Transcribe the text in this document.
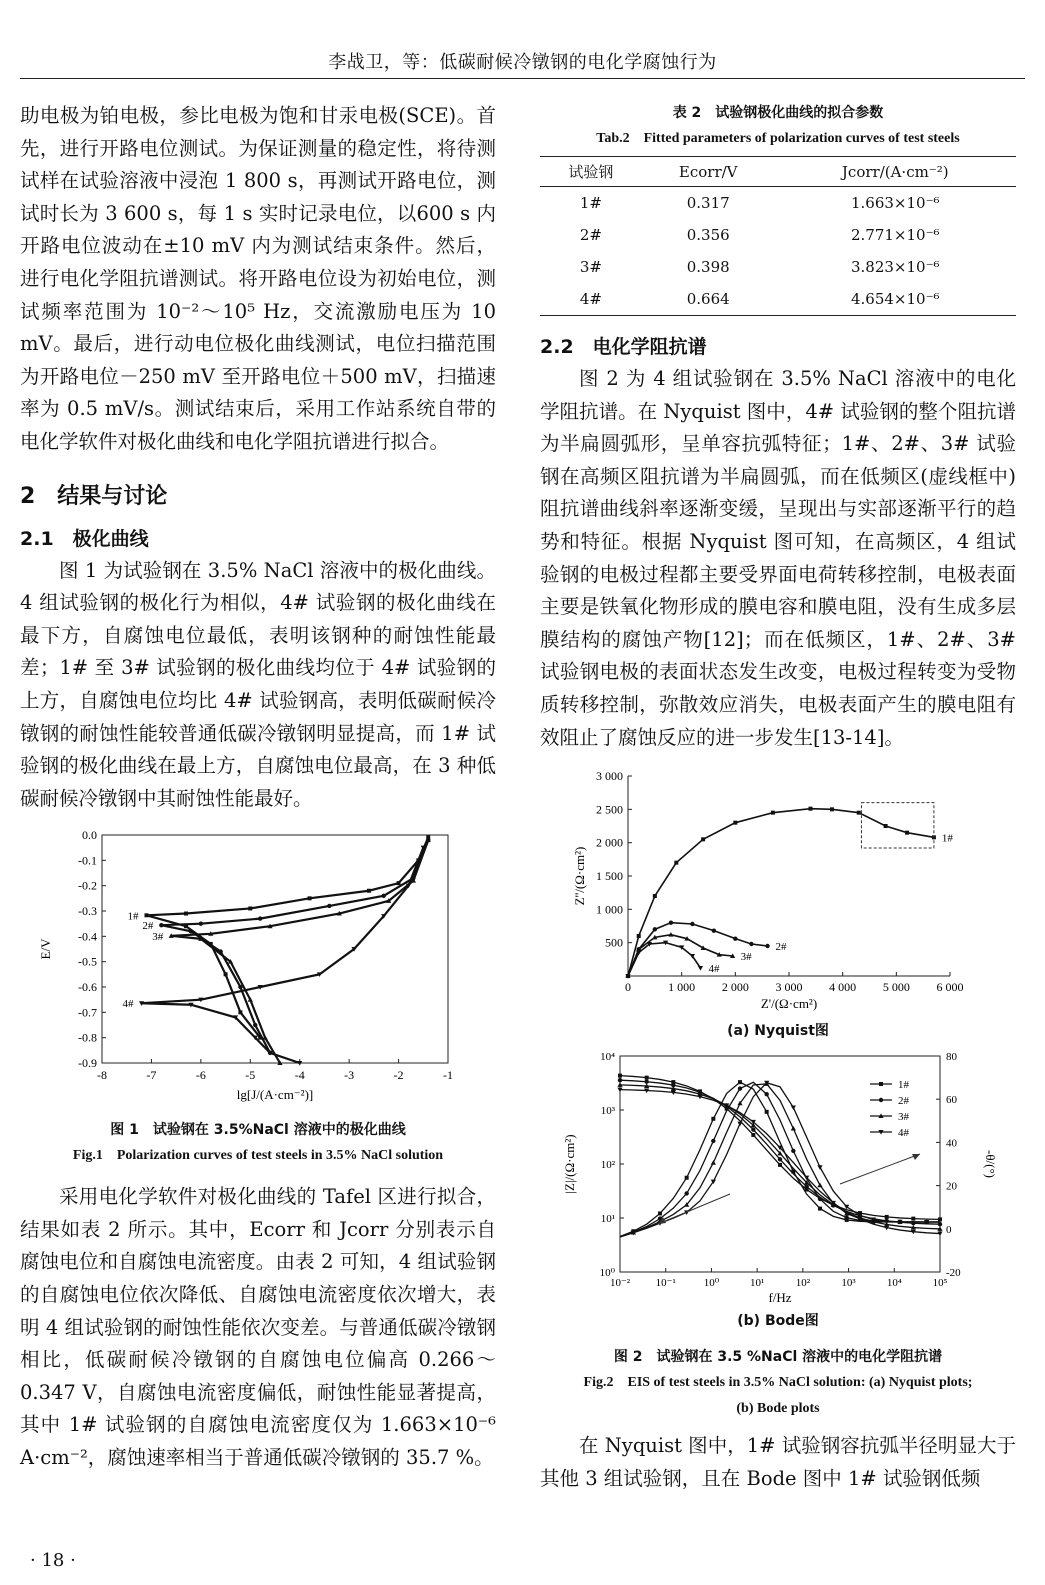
李战卫，等：低碳耐候冷镦钢的电化学腐蚀行为

助电极为铂电极，参比电极为饱和甘汞电极(SCE)。首先，进行开路电位测试。为保证测量的稳定性，将待测试样在试验溶液中浸泡 1 800 s，再测试开路电位，测试时长为 3 600 s，每 1 s 实时记录电位，以600 s 内开路电位波动在±10 mV 内为测试结束条件。然后，进行电化学阻抗谱测试。将开路电位设为初始电位，测试频率范围为 10⁻²～10⁵ Hz，交流激励电压为 10 mV。最后，进行动电位极化曲线测试，电位扫描范围为开路电位－250 mV 至开路电位＋500 mV，扫描速率为 0.5 mV/s。测试结束后，采用工作站系统自带的电化学软件对极化曲线和电化学阻抗谱进行拟合。

2　结果与讨论
2.1　极化曲线

图 1 为试验钢在 3.5% NaCl 溶液中的极化曲线。4 组试验钢的极化行为相似，4# 试验钢的极化曲线在最下方，自腐蚀电位最低，表明该钢种的耐蚀性能最差；1# 至 3# 试验钢的极化曲线均位于 4# 试验钢的上方，自腐蚀电位均比 4# 试验钢高，表明低碳耐候冷镦钢的耐蚀性能较普通低碳冷镦钢明显提高，而 1# 试验钢的极化曲线在最上方，自腐蚀电位最高，在 3 种低碳耐候冷镦钢中其耐蚀性能最好。

-8	-7	-6	-5	-4	-3	-2	-1
0.0
-0.1
-0.2
-0.3
-0.4
-0.5
-0.6
-0.7
-0.8
-0.9
lg[J/(A·cm⁻²)]
E/V
1#
2#
3#
4#
图 1　试验钢在 3.5%NaCl 溶液中的极化曲线
Fig.1　Polarization curves of test steels in 3.5% NaCl solution

采用电化学软件对极化曲线的 Tafel 区进行拟合，结果如表 2 所示。其中，Ecorr 和 Jcorr 分别表示自腐蚀电位和自腐蚀电流密度。由表 2 可知，4 组试验钢的自腐蚀电位依次降低、自腐蚀电流密度依次增大，表明 4 组试验钢的耐蚀性能依次变差。与普通低碳冷镦钢相比，低碳耐候冷镦钢的自腐蚀电位偏高 0.266～0.347 V，自腐蚀电流密度偏低，耐蚀性能显著提高，其中 1# 试验钢的自腐蚀电流密度仅为 1.663×10⁻⁶ A·cm⁻²，腐蚀速率相当于普通低碳冷镦钢的 35.7 %。

表 2　试验钢极化曲线的拟合参数
Tab.2　Fitted parameters of polarization curves of test steels
试验钢	Ecorr/V	Jcorr/(A·cm⁻²)
1#	0.317	1.663×10⁻⁶
2#	0.356	2.771×10⁻⁶
3#	0.398	3.823×10⁻⁶
4#	0.664	4.654×10⁻⁶
2.2　电化学阻抗谱

图 2 为 4 组试验钢在 3.5% NaCl 溶液中的电化学阻抗谱。在 Nyquist 图中，4# 试验钢的整个阻抗谱为半扁圆弧形，呈单容抗弧特征；1#、2#、3# 试验钢在高频区阻抗谱为半扁圆弧，而在低频区(虚线框中)阻抗谱曲线斜率逐渐变缓，呈现出与实部逐渐平行的趋势和特征。根据 Nyquist 图可知，在高频区，4 组试验钢的电极过程都主要受界面电荷转移控制，电极表面主要是铁氧化物形成的膜电容和膜电阻，没有生成多层膜结构的腐蚀产物[12]；而在低频区，1#、2#、3# 试验钢电极的表面状态发生改变，电极过程转变为受物质转移控制，弥散效应消失，电极表面产生的膜电阻有效阻止了腐蚀反应的进一步发生[13-14]。

0	1 000 2 000 3 000 4 000 5 000 6 000
500
1 000
1 500
2 000
2 500
3 000
Z'/(Ω·cm²)
Z''/(Ω·cm²)
1#
2#
3#
4#
(a) Nyquist图
10⁻² 10⁻¹	10⁰	10¹	10²	10³	10⁴	10⁵
10⁰
10¹
10²
10³
10⁴
-20
0
20
40
60
80
f/Hz
|Z|/(Ω·cm²)	-θ/(°)
1#
2#
3#
4#
(b) Bode图
图 2　试验钢在 3.5 %NaCl 溶液中的电化学阻抗谱
Fig.2　EIS of test steels in 3.5% NaCl solution: (a) Nyquist plots;
(b) Bode plots

在 Nyquist 图中，1# 试验钢容抗弧半径明显大于其他 3 组试验钢，且在 Bode 图中 1# 试验钢低频

· 18 ·
